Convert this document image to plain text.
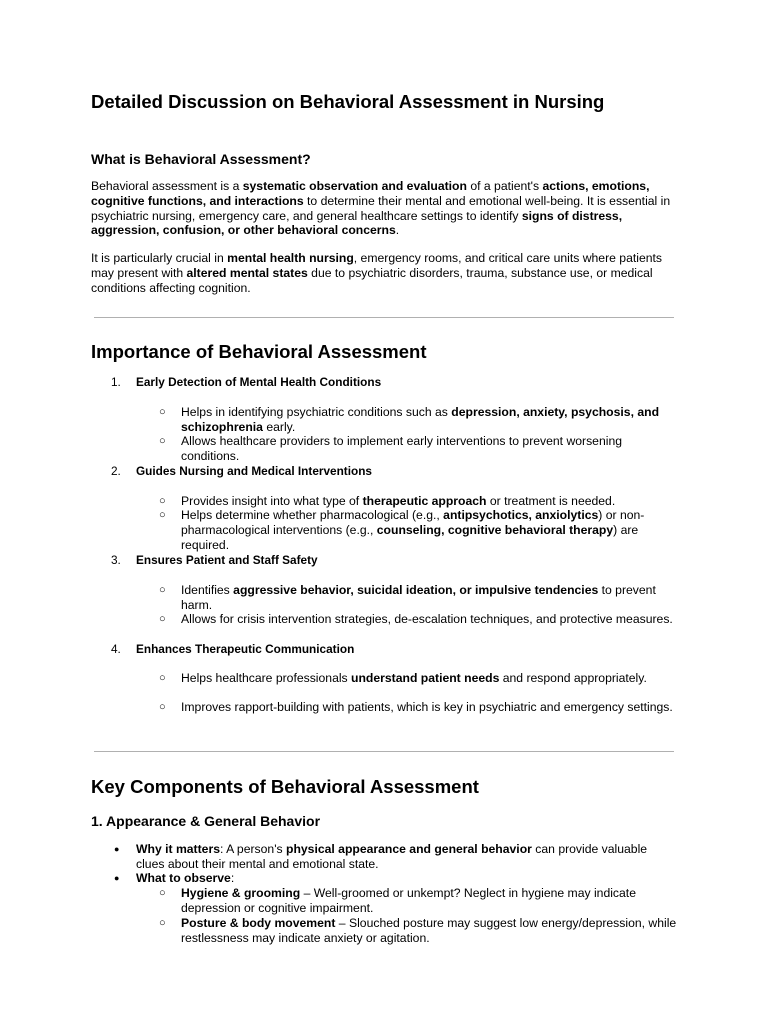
Detailed Discussion on Behavioral Assessment in Nursing
What is Behavioral Assessment?

Behavioral assessment is a systematic observation and evaluation of a patient's actions, emotions, cognitive functions, and interactions to determine their mental and emotional well-being. It is essential in psychiatric nursing, emergency care, and general healthcare settings to identify signs of distress, aggression, confusion, or other behavioral concerns.

It is particularly crucial in mental health nursing, emergency rooms, and critical care units where patients may present with altered mental states due to psychiatric disorders, trauma, substance use, or medical conditions affecting cognition.

Importance of Behavioral Assessment
1. Early Detection of Mental Health Conditions
○ Helps in identifying psychiatric conditions such as depression, anxiety, psychosis, and schizophrenia early.
○ Allows healthcare providers to implement early interventions to prevent worsening conditions.
2. Guides Nursing and Medical Interventions
○ Provides insight into what type of therapeutic approach or treatment is needed.
○ Helps determine whether pharmacological (e.g., antipsychotics, anxiolytics) or non-pharmacological interventions (e.g., counseling, cognitive behavioral therapy) are required.
3. Ensures Patient and Staff Safety
○ Identifies aggressive behavior, suicidal ideation, or impulsive tendencies to prevent harm.
○ Allows for crisis intervention strategies, de-escalation techniques, and protective measures.
4. Enhances Therapeutic Communication
○ Helps healthcare professionals understand patient needs and respond appropriately.
○ Improves rapport-building with patients, which is key in psychiatric and emergency settings.
Key Components of Behavioral Assessment
1. Appearance & General Behavior
● Why it matters: A person's physical appearance and general behavior can provide valuable clues about their mental and emotional state.
● What to observe:
○ Hygiene & grooming – Well-groomed or unkempt? Neglect in hygiene may indicate depression or cognitive impairment.
○ Posture & body movement – Slouched posture may suggest low energy/depression, while restlessness may indicate anxiety or agitation.
